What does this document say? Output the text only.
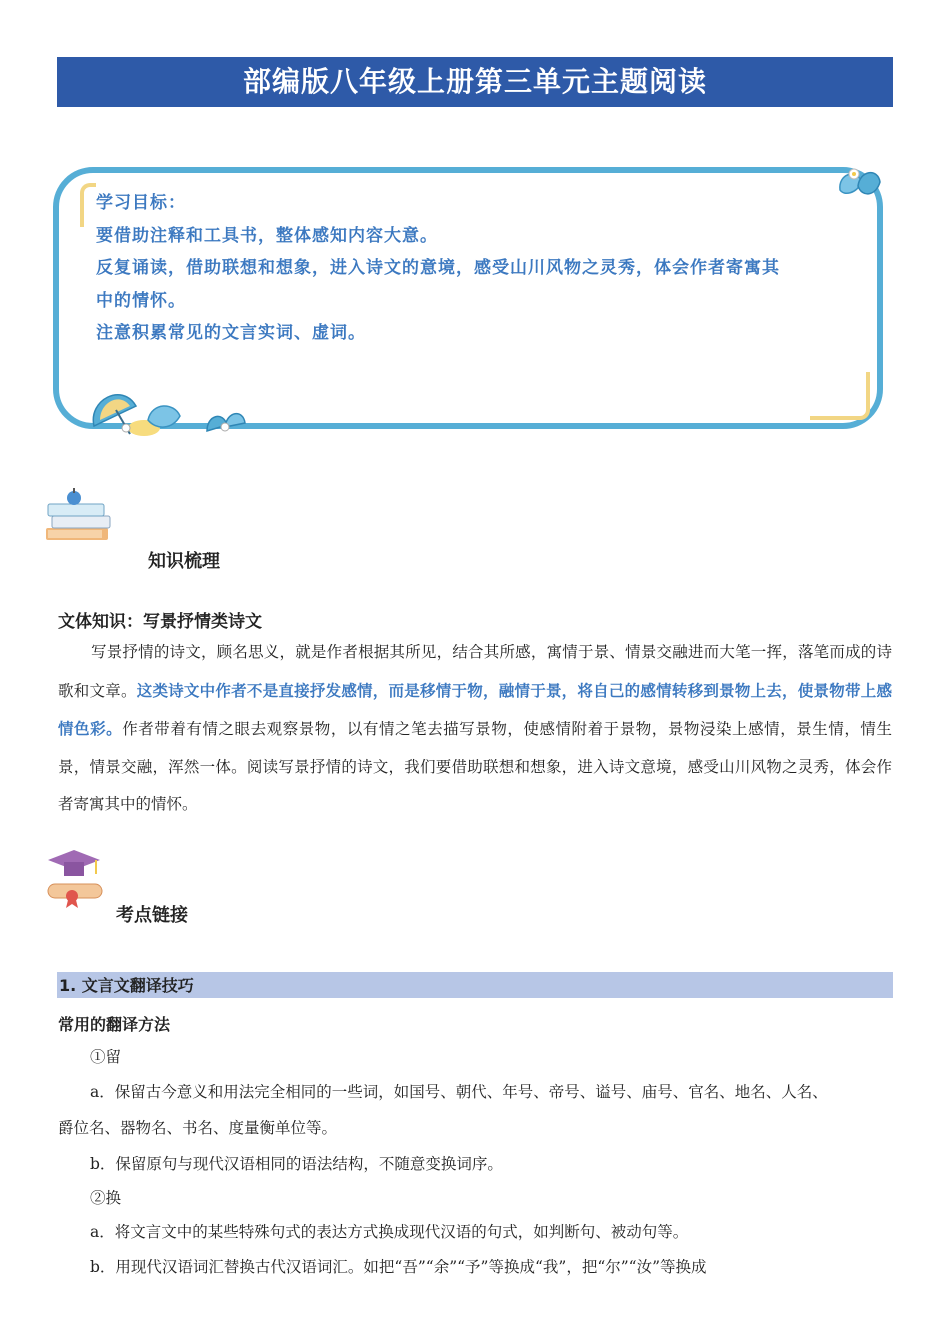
部编版八年级上册第三单元主题阅读
学习目标：
要借助注释和工具书，整体感知内容大意。
反复诵读，借助联想和想象，进入诗文的意境，感受山川风物之灵秀，体会作者寄寓其
中的情怀。
注意积累常见的文言实词、虚词。
知识梳理
文体知识：写景抒情类诗文
写景抒情的诗文，顾名思义，就是作者根据其所见，结合其所感，寓情于景、情景交融进而大笔一挥，落笔而成的诗歌和文章。这类诗文中作者不是直接抒发感情，而是移情于物，融情于景，将自己的感情转移到景物上去，使景物带上感情色彩。作者带着有情之眼去观察景物，以有情之笔去描写景物，使感情附着于景物，景物浸染上感情，景生情，情生景，情景交融，浑然一体。阅读写景抒情的诗文，我们要借助联想和想象，进入诗文意境，感受山川风物之灵秀，体会作者寄寓其中的情怀。
考点链接
1. 文言文翻译技巧
常用的翻译方法
①留
a．保留古今意义和用法完全相同的一些词，如国号、朝代、年号、帝号、谥号、庙号、官名、地名、人名、
爵位名、器物名、书名、度量衡单位等。
b．保留原句与现代汉语相同的语法结构，不随意变换词序。
②换
a．将文言文中的某些特殊句式的表达方式换成现代汉语的句式，如判断句、被动句等。
b．用现代汉语词汇替换古代汉语词汇。如把“吾”“余”“予”等换成“我”，把“尔”“汝”等换成
